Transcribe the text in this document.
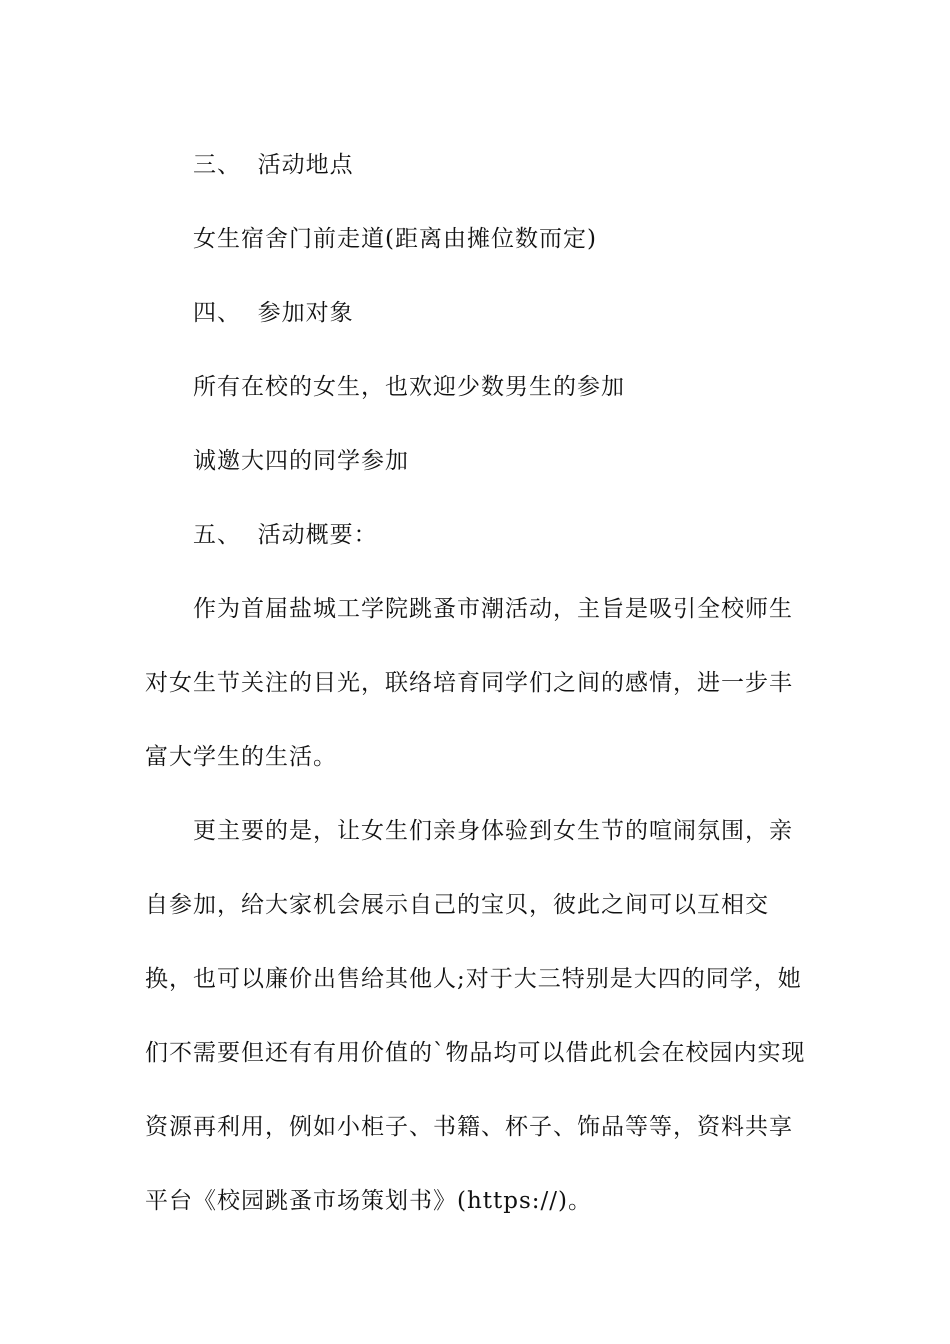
三、  活动地点

女生宿舍门前走道(距离由摊位数而定)

四、  参加对象

所有在校的女生，也欢迎少数男生的参加

诚邀大四的同学参加

五、  活动概要：

作为首届盐城工学院跳蚤市潮活动，主旨是吸引全校师生对女生节关注的目光，联络培育同学们之间的感情，进一步丰富大学生的生活。

更主要的是，让女生们亲身体验到女生节的喧闹氛围，亲自参加，给大家机会展示自己的宝贝，彼此之间可以互相交换，也可以廉价出售给其他人;对于大三特别是大四的同学，她们不需要但还有有用价值的`物品均可以借此机会在校园内实现资源再利用，例如小柜子、书籍、杯子、饰品等等，资料共享平台《校园跳蚤市场策划书》(https://)。
